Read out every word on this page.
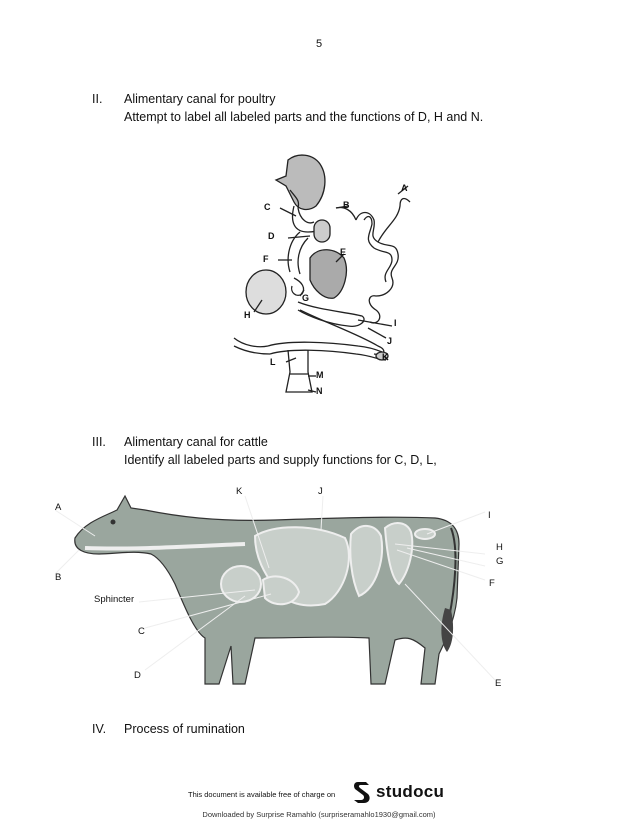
5
II. Alimentary canal for poultry
Attempt to label all labeled parts and the functions of D, H and N.
A
B
C
D
E
F
G
H
I
J
K
L
M
N
III. Alimentary canal for cattle
Identify all labeled parts and supply functions for C, D, L,
A
B
K	J
I
H
G
F
E
Sphincter
C
D
IV. Process of rumination
This document is available free of charge on studocu
Downloaded by Surprise Ramahlo (surpriseramahlo1930@gmail.com)
